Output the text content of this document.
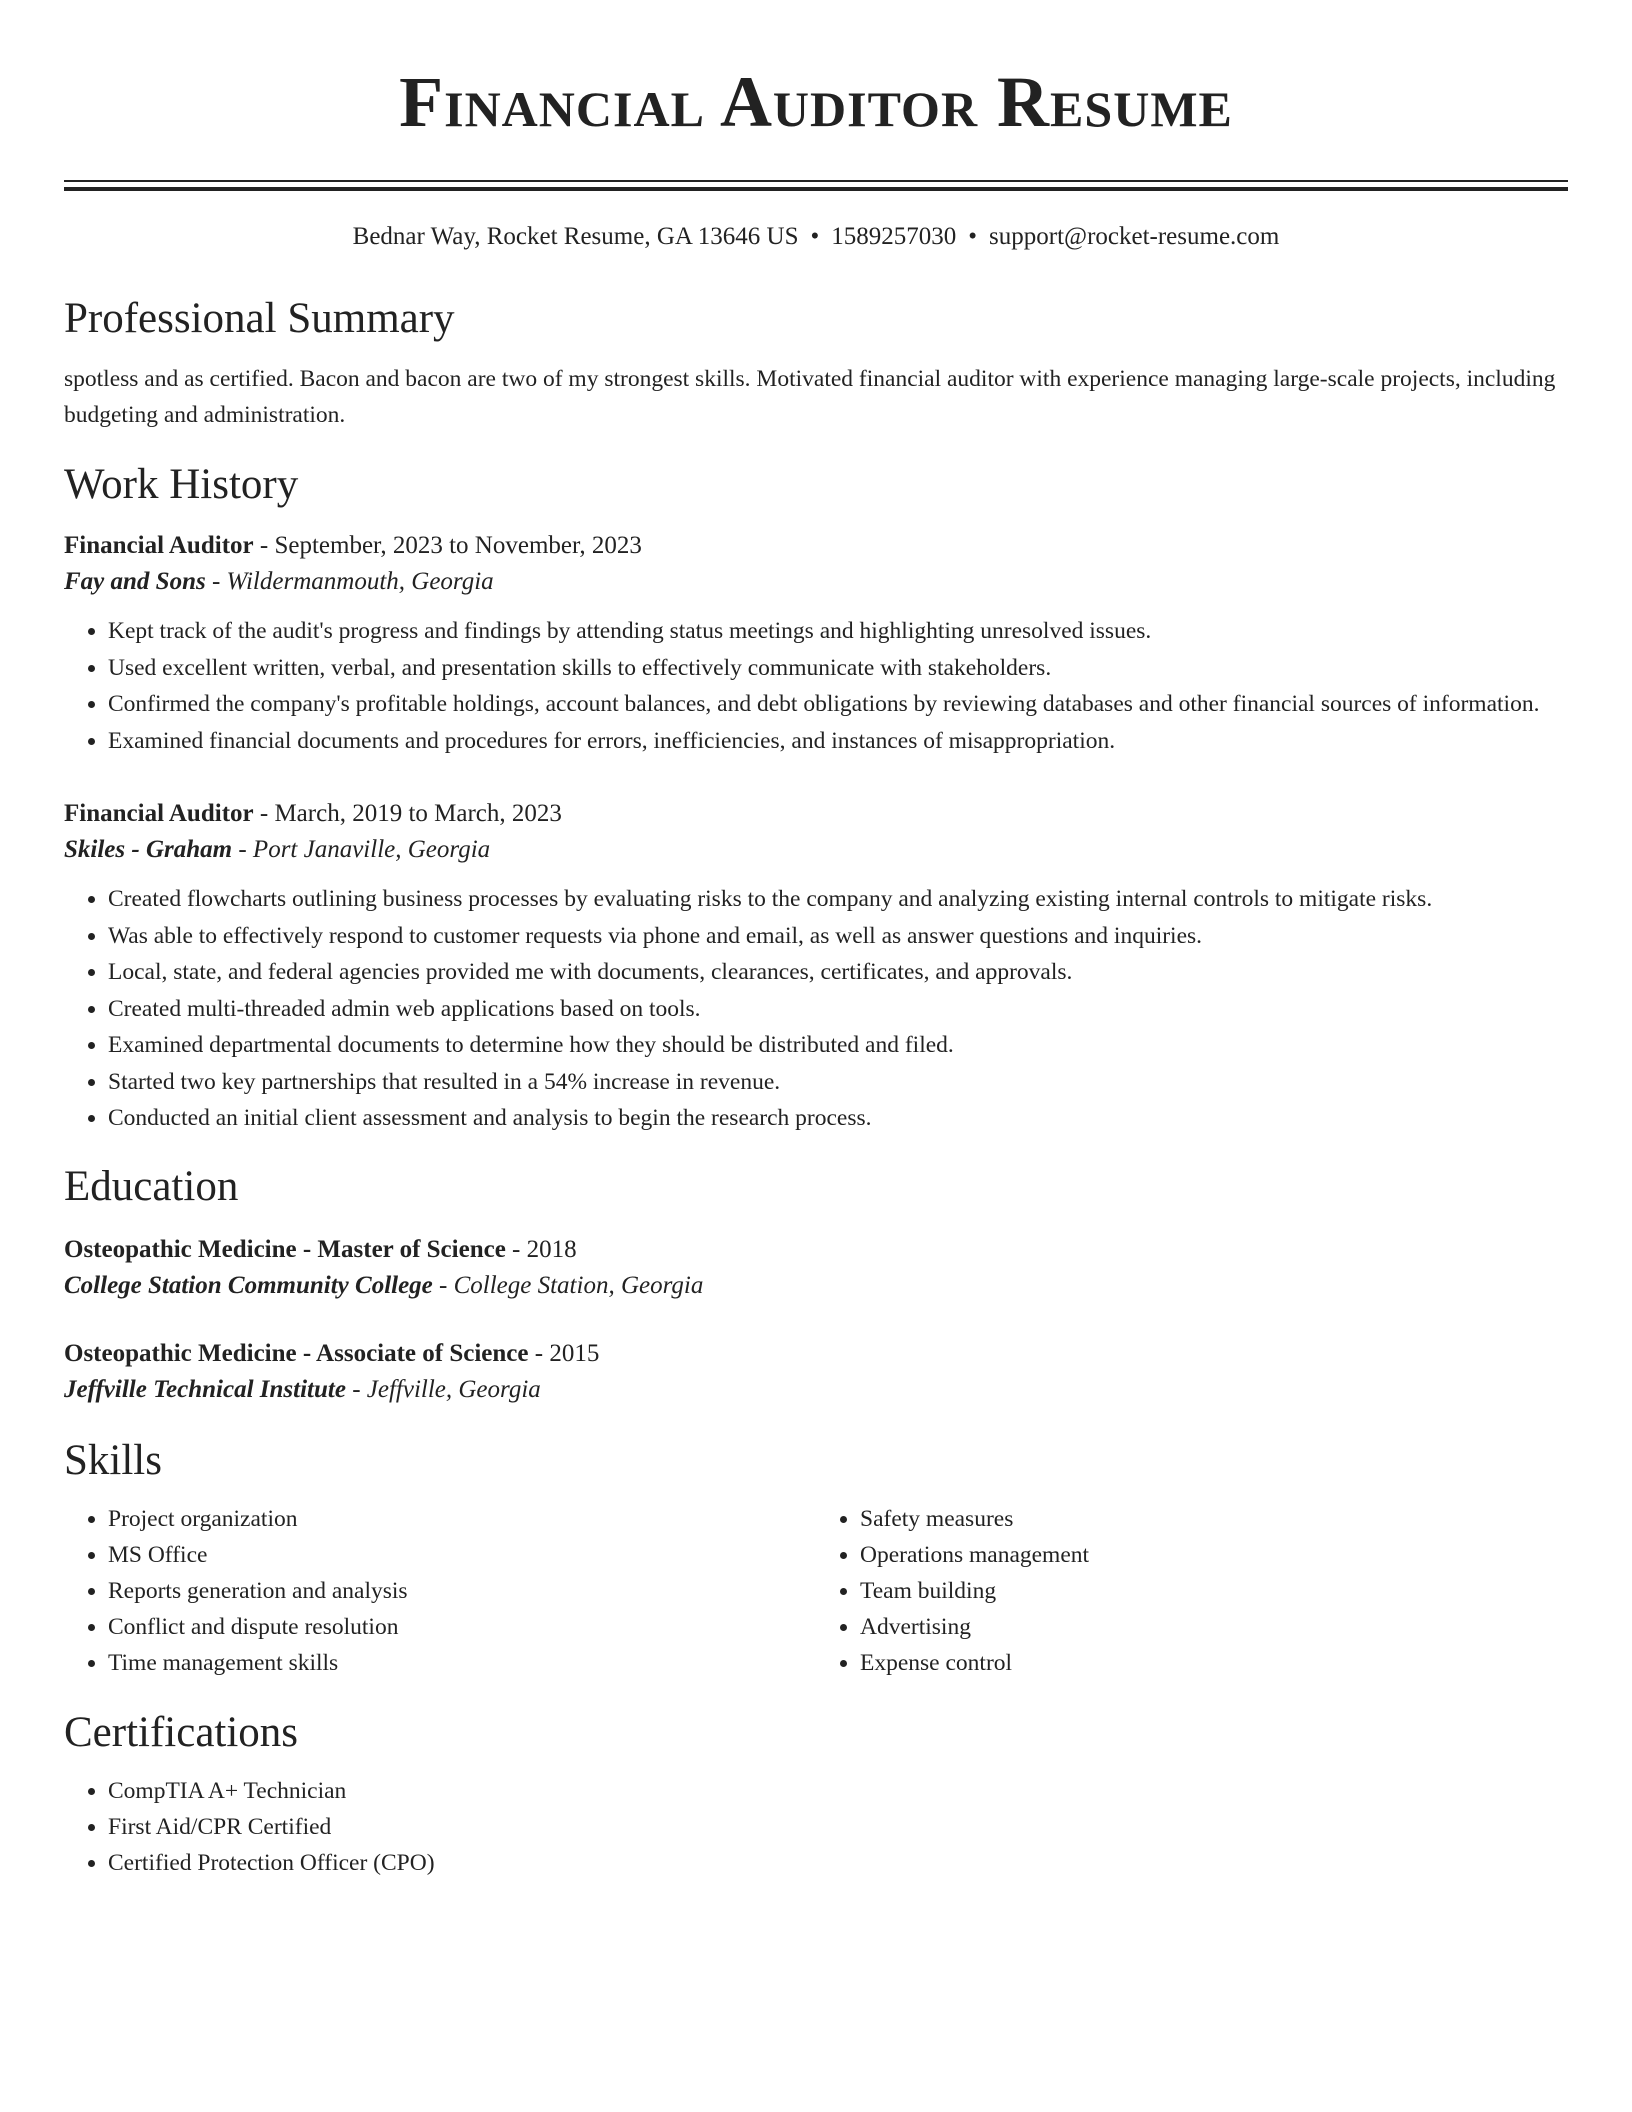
Financial Auditor Resume
Bednar Way, Rocket Resume, GA 13646 US • 1589257030 • support@rocket-resume.com
Professional Summary
spotless and as certified. Bacon and bacon are two of my strongest skills. Motivated financial auditor with experience managing large-scale projects, including budgeting and administration.
Work History
Financial Auditor - September, 2023 to November, 2023
Fay and Sons - Wildermanmouth, Georgia
• Kept track of the audit's progress and findings by attending status meetings and highlighting unresolved issues.
• Used excellent written, verbal, and presentation skills to effectively communicate with stakeholders.
• Confirmed the company's profitable holdings, account balances, and debt obligations by reviewing databases and other financial sources of information.
• Examined financial documents and procedures for errors, inefficiencies, and instances of misappropriation.
Financial Auditor - March, 2019 to March, 2023
Skiles - Graham - Port Janaville, Georgia
• Created flowcharts outlining business processes by evaluating risks to the company and analyzing existing internal controls to mitigate risks.
• Was able to effectively respond to customer requests via phone and email, as well as answer questions and inquiries.
• Local, state, and federal agencies provided me with documents, clearances, certificates, and approvals.
• Created multi-threaded admin web applications based on tools.
• Examined departmental documents to determine how they should be distributed and filed.
• Started two key partnerships that resulted in a 54% increase in revenue.
• Conducted an initial client assessment and analysis to begin the research process.
Education
Osteopathic Medicine - Master of Science - 2018
College Station Community College - College Station, Georgia
Osteopathic Medicine - Associate of Science - 2015
Jeffville Technical Institute - Jeffville, Georgia
Skills
• Project organization
• MS Office
• Reports generation and analysis
• Conflict and dispute resolution
• Time management skills
• Safety measures
• Operations management
• Team building
• Advertising
• Expense control
Certifications
• CompTIA A+ Technician
• First Aid/CPR Certified
• Certified Protection Officer (CPO)
